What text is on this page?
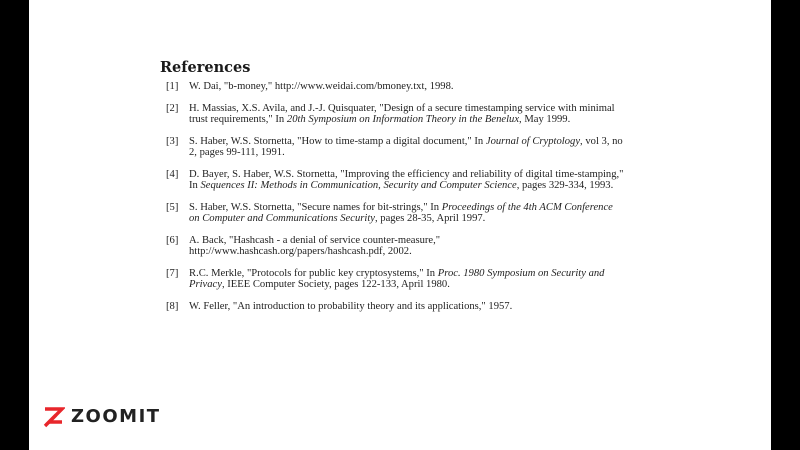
References
[1] W. Dai, "b-money," http://www.weidai.com/bmoney.txt, 1998.
[2] H. Massias, X.S. Avila, and J.-J. Quisquater, "Design of a secure timestamping service with minimal
trust requirements," In 20th Symposium on Information Theory in the Benelux, May 1999.
[3] S. Haber, W.S. Stornetta, "How to time-stamp a digital document," In Journal of Cryptology, vol 3, no
2, pages 99-111, 1991.
[4] D. Bayer, S. Haber, W.S. Stornetta, "Improving the efficiency and reliability of digital time-stamping,"
In Sequences II: Methods in Communication, Security and Computer Science, pages 329-334, 1993.
[5] S. Haber, W.S. Stornetta, "Secure names for bit-strings," In Proceedings of the 4th ACM Conference
on Computer and Communications Security, pages 28-35, April 1997.
[6] A. Back, "Hashcash - a denial of service counter-measure,"
http://www.hashcash.org/papers/hashcash.pdf, 2002.
[7] R.C. Merkle, "Protocols for public key cryptosystems," In Proc. 1980 Symposium on Security and
Privacy, IEEE Computer Society, pages 122-133, April 1980.
[8] W. Feller, "An introduction to probability theory and its applications," 1957.
ZOOMIT
